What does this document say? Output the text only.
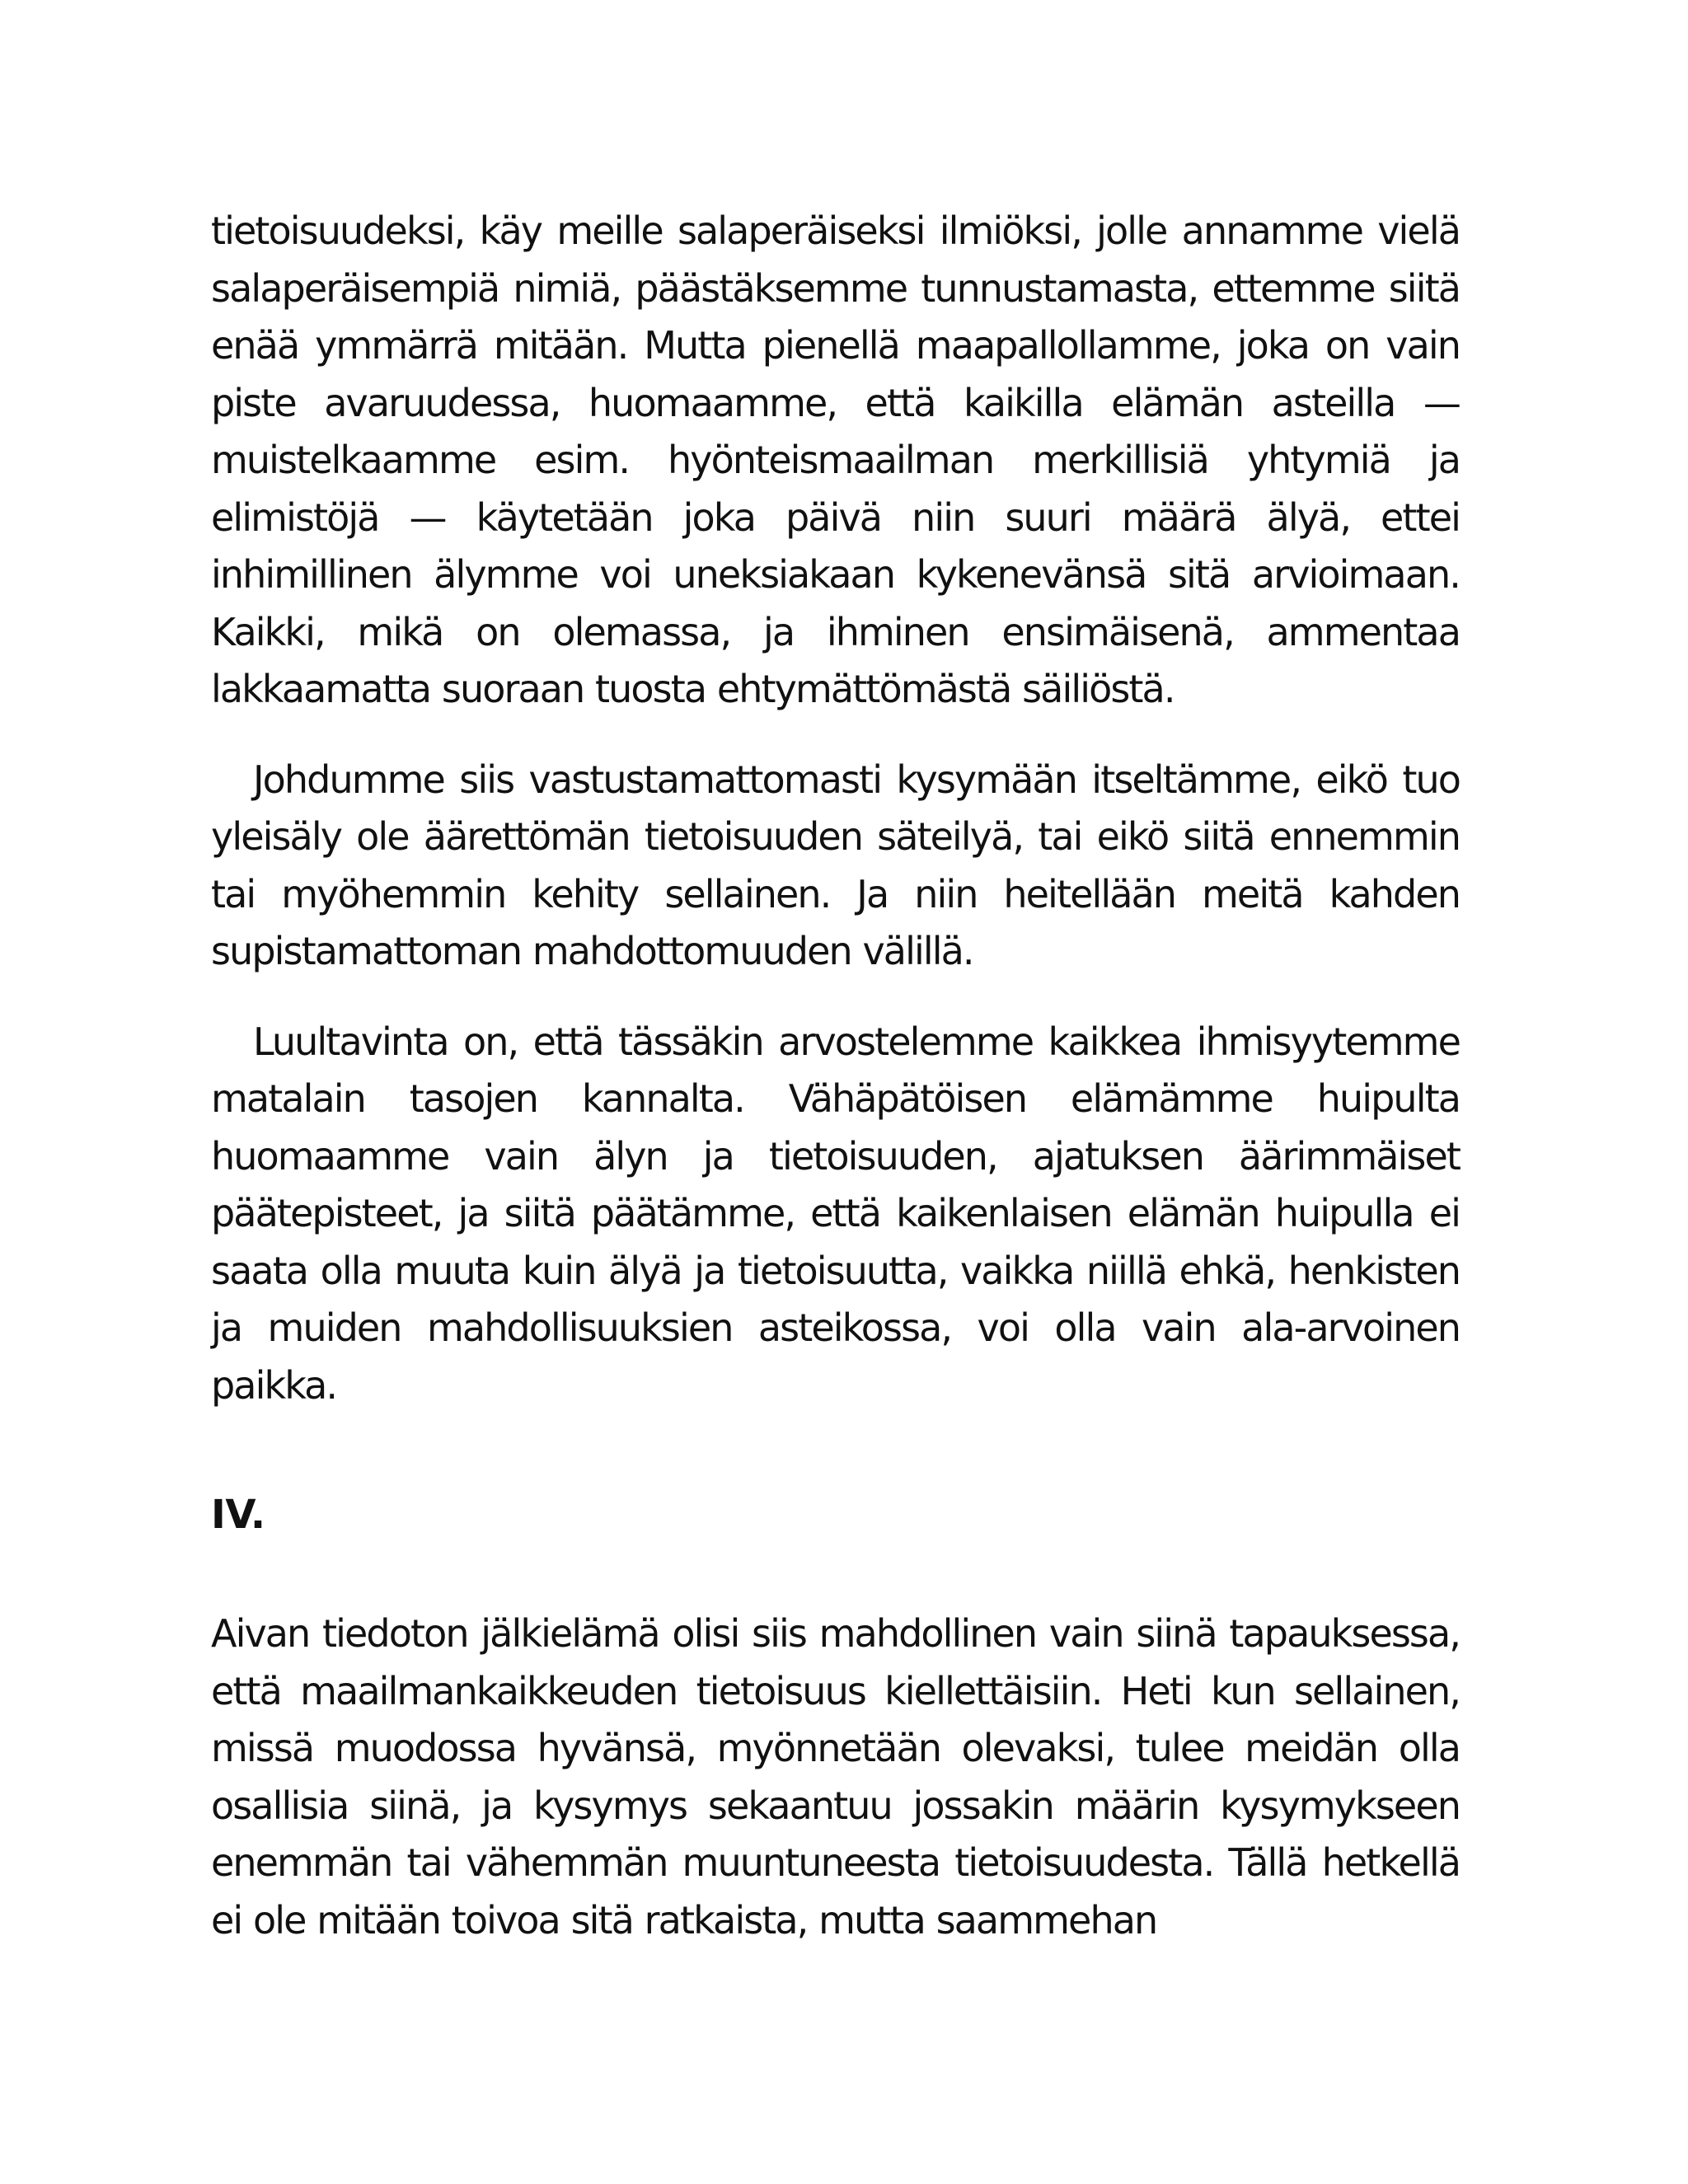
tietoisuudeksi, käy meille salaperäiseksi ilmiöksi, jolle annamme vielä salaperäisempiä nimiä, päästäksemme tunnustamasta, ettemme siitä enää ymmärrä mitään. Mutta pienellä maapallollamme, joka on vain piste avaruudessa, huomaamme, että kaikilla elämän asteilla — muistelkaamme esim. hyönteismaailman merkillisiä yhtymiä ja elimistöjä — käytetään joka päivä niin suuri määrä älyä, ettei inhimillinen älymme voi uneksiakaan kykenevänsä sitä arvioimaan. Kaikki, mikä on olemassa, ja ihminen ensimäisenä, ammentaa lakkaamatta suoraan tuosta ehtymättömästä säiliöstä.

Johdumme siis vastustamattomasti kysymään itseltämme, eikö tuo yleisäly ole äärettömän tietoisuuden säteilyä, tai eikö siitä ennemmin tai myöhemmin kehity sellainen. Ja niin heitellään meitä kahden supistamattoman mahdottomuuden välillä.

Luultavinta on, että tässäkin arvostelemme kaikkea ihmisyytemme matalain tasojen kannalta. Vähäpätöisen elämämme huipulta huomaamme vain älyn ja tietoisuuden, ajatuksen äärimmäiset päätepisteet, ja siitä päätämme, että kaikenlaisen elämän huipulla ei saata olla muuta kuin älyä ja tietoisuutta, vaikka niillä ehkä, henkisten ja muiden mahdollisuuksien asteikossa, voi olla vain ala-arvoinen paikka.

IV.

Aivan tiedoton jälkielämä olisi siis mahdollinen vain siinä tapauksessa, että maailmankaikkeuden tietoisuus kiellettäisiin. Heti kun sellainen, missä muodossa hyvänsä, myönnetään olevaksi, tulee meidän olla osallisia siinä, ja kysymys sekaantuu jossakin määrin kysymykseen enemmän tai vähemmän muuntuneesta tietoisuudesta. Tällä hetkellä ei ole mitään toivoa sitä ratkaista, mutta saammehan
